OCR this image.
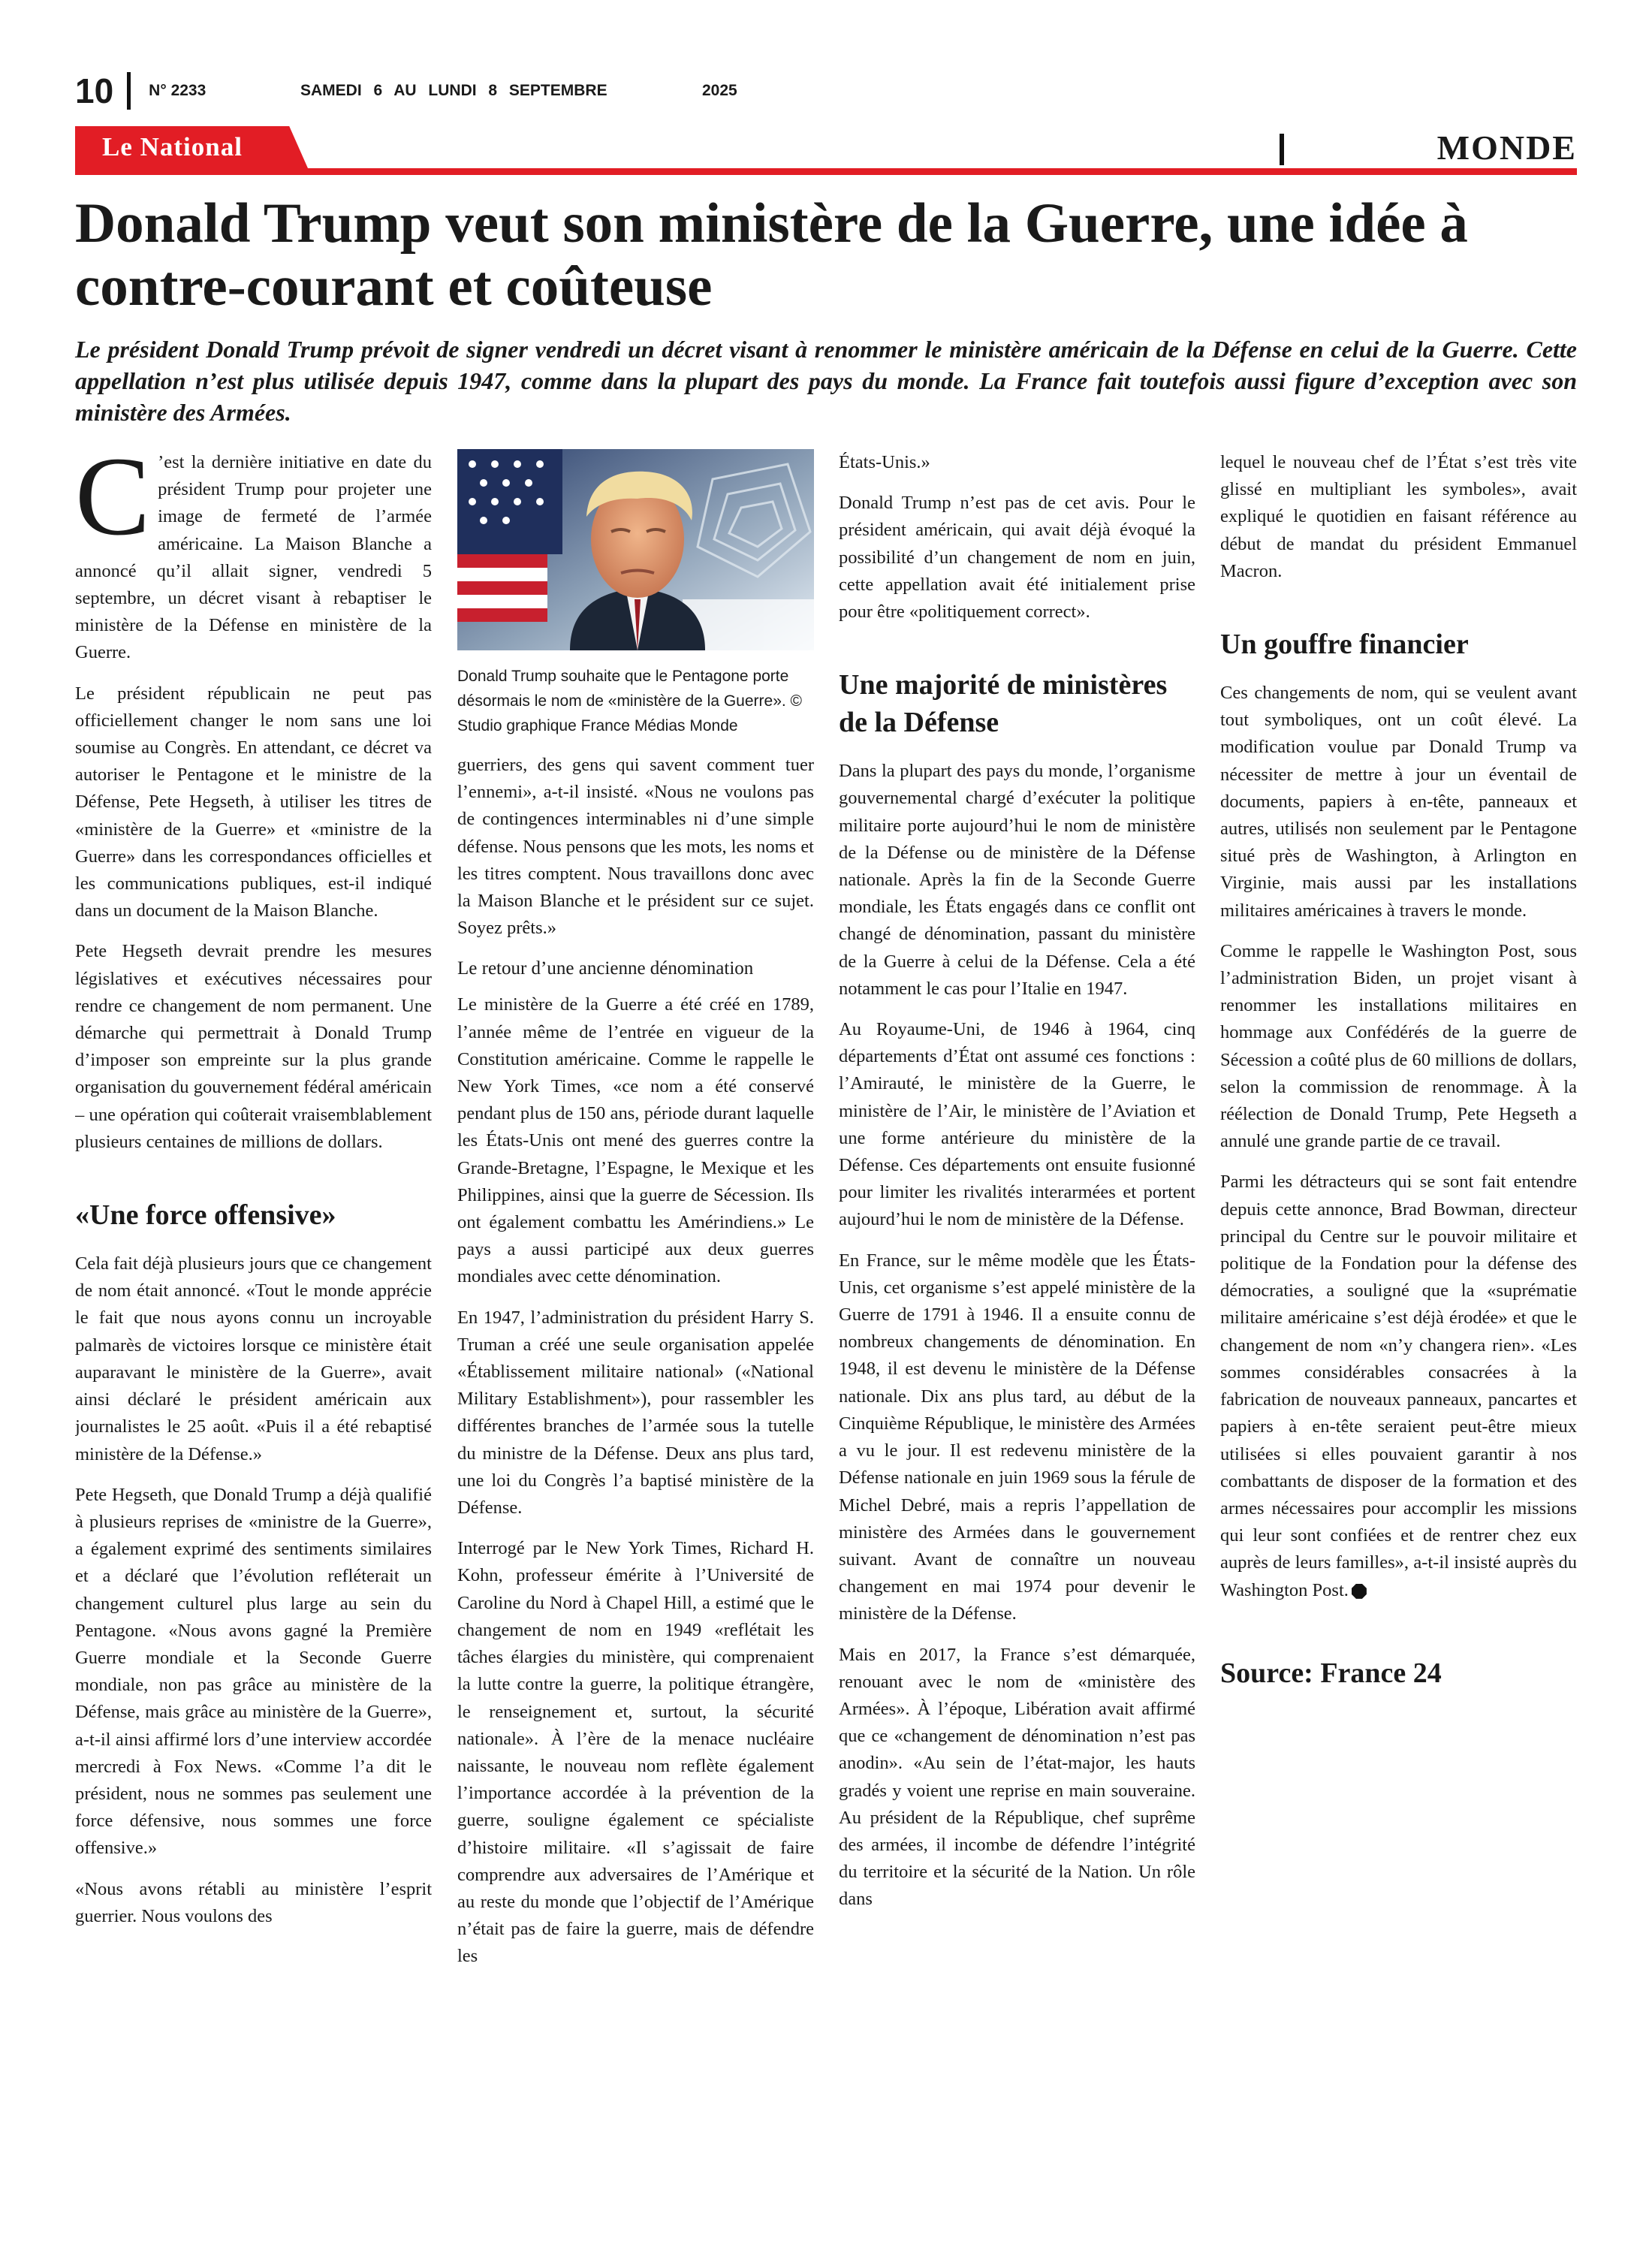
10 N° 2233	SAMEDI 6 AU LUNDI 8 SEPTEMBRE	2025
Le National	MONDE
Donald Trump veut son ministère de la Guerre, une idée à contre-courant et coûteuse

Le président Donald Trump prévoit de signer vendredi un décret visant à renommer le ministère américain de la Défense en celui de la Guerre. Cette appellation n’est plus utilisée depuis 1947, comme dans la plupart des pays du monde. La France fait toutefois aussi figure d’exception avec son ministère des Armées.

C ’est la dernière initiative en date du président Trump pour projeter une image de fermeté de l’armée américaine. La Maison Blanche a annoncé qu’il allait signer, vendredi 5 septembre, un décret visant à rebaptiser le ministère de la Défense en ministère de la Guerre.

Le président républicain ne peut pas officiellement changer le nom sans une loi soumise au Congrès. En attendant, ce décret va autoriser le Pentagone et le ministre de la Défense, Pete Hegseth, à utiliser les titres de «ministère de la Guerre» et «ministre de la Guerre» dans les correspondances officielles et les communications publiques, est-il indiqué dans un document de la Maison Blanche.

Pete Hegseth devrait prendre les mesures législatives et exécutives nécessaires pour rendre ce changement de nom permanent. Une démarche qui permettrait à Donald Trump d’imposer son empreinte sur la plus grande organisation du gouvernement fédéral américain – une opération qui coûterait vraisemblablement plusieurs centaines de millions de dollars.

«Une force offensive»

Cela fait déjà plusieurs jours que ce changement de nom était annoncé. «Tout le monde apprécie le fait que nous ayons connu un incroyable palmarès de victoires lorsque ce ministère était auparavant le ministère de la Guerre», avait ainsi déclaré le président américain aux journalistes le 25 août. «Puis il a été rebaptisé ministère de la Défense.»

Pete Hegseth, que Donald Trump a déjà qualifié à plusieurs reprises de «ministre de la Guerre», a également exprimé des sentiments similaires et a déclaré que l’évolution refléterait un changement culturel plus large au sein du Pentagone. «Nous avons gagné la Première Guerre mondiale et la Seconde Guerre mondiale, non pas grâce au ministère de la Défense, mais grâce au ministère de la Guerre», a-t-il ainsi affirmé lors d’une interview accordée mercredi à Fox News. «Comme l’a dit le président, nous ne sommes pas seulement une force défensive, nous sommes une force offensive.»

«Nous avons rétabli au ministère l’esprit guerrier. Nous voulons des

Donald Trump souhaite que le Pentagone porte désormais le nom de «ministère de la Guerre». © Studio graphique France Médias Monde

guerriers, des gens qui savent comment tuer l’ennemi», a-t-il insisté. «Nous ne voulons pas de contingences interminables ni d’une simple défense. Nous pensons que les mots, les noms et les titres comptent. Nous travaillons donc avec la Maison Blanche et le président sur ce sujet. Soyez prêts.»

Le retour d’une ancienne dénomination

Le ministère de la Guerre a été créé en 1789, l’année même de l’entrée en vigueur de la Constitution américaine. Comme le rappelle le New York Times, «ce nom a été conservé pendant plus de 150 ans, période durant laquelle les États-Unis ont mené des guerres contre la Grande-Bretagne, l’Espagne, le Mexique et les Philippines, ainsi que la guerre de Sécession. Ils ont également combattu les Amérindiens.» Le pays a aussi participé aux deux guerres mondiales avec cette dénomination.

En 1947, l’administration du président Harry S. Truman a créé une seule organisation appelée «Établissement militaire national» («National Military Establishment»), pour rassembler les différentes branches de l’armée sous la tutelle du ministre de la Défense. Deux ans plus tard, une loi du Congrès l’a baptisé ministère de la Défense.

Interrogé par le New York Times, Richard H. Kohn, professeur émérite à l’Université de Caroline du Nord à Chapel Hill, a estimé que le changement de nom en 1949 «reflétait les tâches élargies du ministère, qui comprenaient la lutte contre la guerre, la politique étrangère, le renseignement et, surtout, la sécurité nationale». À l’ère de la menace nucléaire naissante, le nouveau nom reflète également l’importance accordée à la prévention de la guerre, souligne également ce spécialiste d’histoire militaire. «Il s’agissait de faire comprendre aux adversaires de l’Amérique et au reste du monde que l’objectif de l’Amérique n’était pas de faire la guerre, mais de défendre les

États-Unis.»

Donald Trump n’est pas de cet avis. Pour le président américain, qui avait déjà évoqué la possibilité d’un changement de nom en juin, cette appellation avait été initialement prise pour être «politiquement correct».

Une majorité de ministères de la Défense

Dans la plupart des pays du monde, l’organisme gouvernemental chargé d’exécuter la politique militaire porte aujourd’hui le nom de ministère de la Défense ou de ministère de la Défense nationale. Après la fin de la Seconde Guerre mondiale, les États engagés dans ce conflit ont changé de dénomination, passant du ministère de la Guerre à celui de la Défense. Cela a été notamment le cas pour l’Italie en 1947.

Au Royaume-Uni, de 1946 à 1964, cinq départements d’État ont assumé ces fonctions : l’Amirauté, le ministère de la Guerre, le ministère de l’Air, le ministère de l’Aviation et une forme antérieure du ministère de la Défense. Ces départements ont ensuite fusionné pour limiter les rivalités interarmées et portent aujourd’hui le nom de ministère de la Défense.

En France, sur le même modèle que les États-Unis, cet organisme s’est appelé ministère de la Guerre de 1791 à 1946. Il a ensuite connu de nombreux changements de dénomination. En 1948, il est devenu le ministère de la Défense nationale. Dix ans plus tard, au début de la Cinquième République, le ministère des Armées a vu le jour. Il est redevenu ministère de la Défense nationale en juin 1969 sous la férule de Michel Debré, mais a repris l’appellation de ministère des Armées dans le gouvernement suivant. Avant de connaître un nouveau changement en mai 1974 pour devenir le ministère de la Défense.

Mais en 2017, la France s’est démarquée, renouant avec le nom de «ministère des Armées». À l’époque, Libération avait affirmé que ce «changement de dénomination n’est pas anodin». «Au sein de l’état-major, les hauts gradés y voient une reprise en main souveraine. Au président de la République, chef suprême des armées, il incombe de défendre l’intégrité du territoire et la sécurité de la Nation. Un rôle dans

lequel le nouveau chef de l’État s’est très vite glissé en multipliant les symboles», avait expliqué le quotidien en faisant référence au début de mandat du président Emmanuel Macron.

Un gouffre financier

Ces changements de nom, qui se veulent avant tout symboliques, ont un coût élevé. La modification voulue par Donald Trump va nécessiter de mettre à jour un éventail de documents, papiers à en-tête, panneaux et autres, utilisés non seulement par le Pentagone situé près de Washington, à Arlington en Virginie, mais aussi par les installations militaires américaines à travers le monde.

Comme le rappelle le Washington Post, sous l’administration Biden, un projet visant à renommer les installations militaires en hommage aux Confédérés de la guerre de Sécession a coûté plus de 60 millions de dollars, selon la commission de renommage. À la réélection de Donald Trump, Pete Hegseth a annulé une grande partie de ce travail.

Parmi les détracteurs qui se sont fait entendre depuis cette annonce, Brad Bowman, directeur principal du Centre sur le pouvoir militaire et politique de la Fondation pour la défense des démocraties, a souligné que la «suprématie militaire américaine s’est déjà érodée» et que le changement de nom «n’y changera rien». «Les sommes considérables consacrées à la fabrication de nouveaux panneaux, pancartes et papiers à en-tête seraient peut-être mieux utilisées si elles pouvaient garantir à nos combattants de disposer de la formation et des armes nécessaires pour accomplir les missions qui leur sont confiées et de rentrer chez eux auprès de leurs familles», a-t-il insisté auprès du Washington Post.

Source: France 24
